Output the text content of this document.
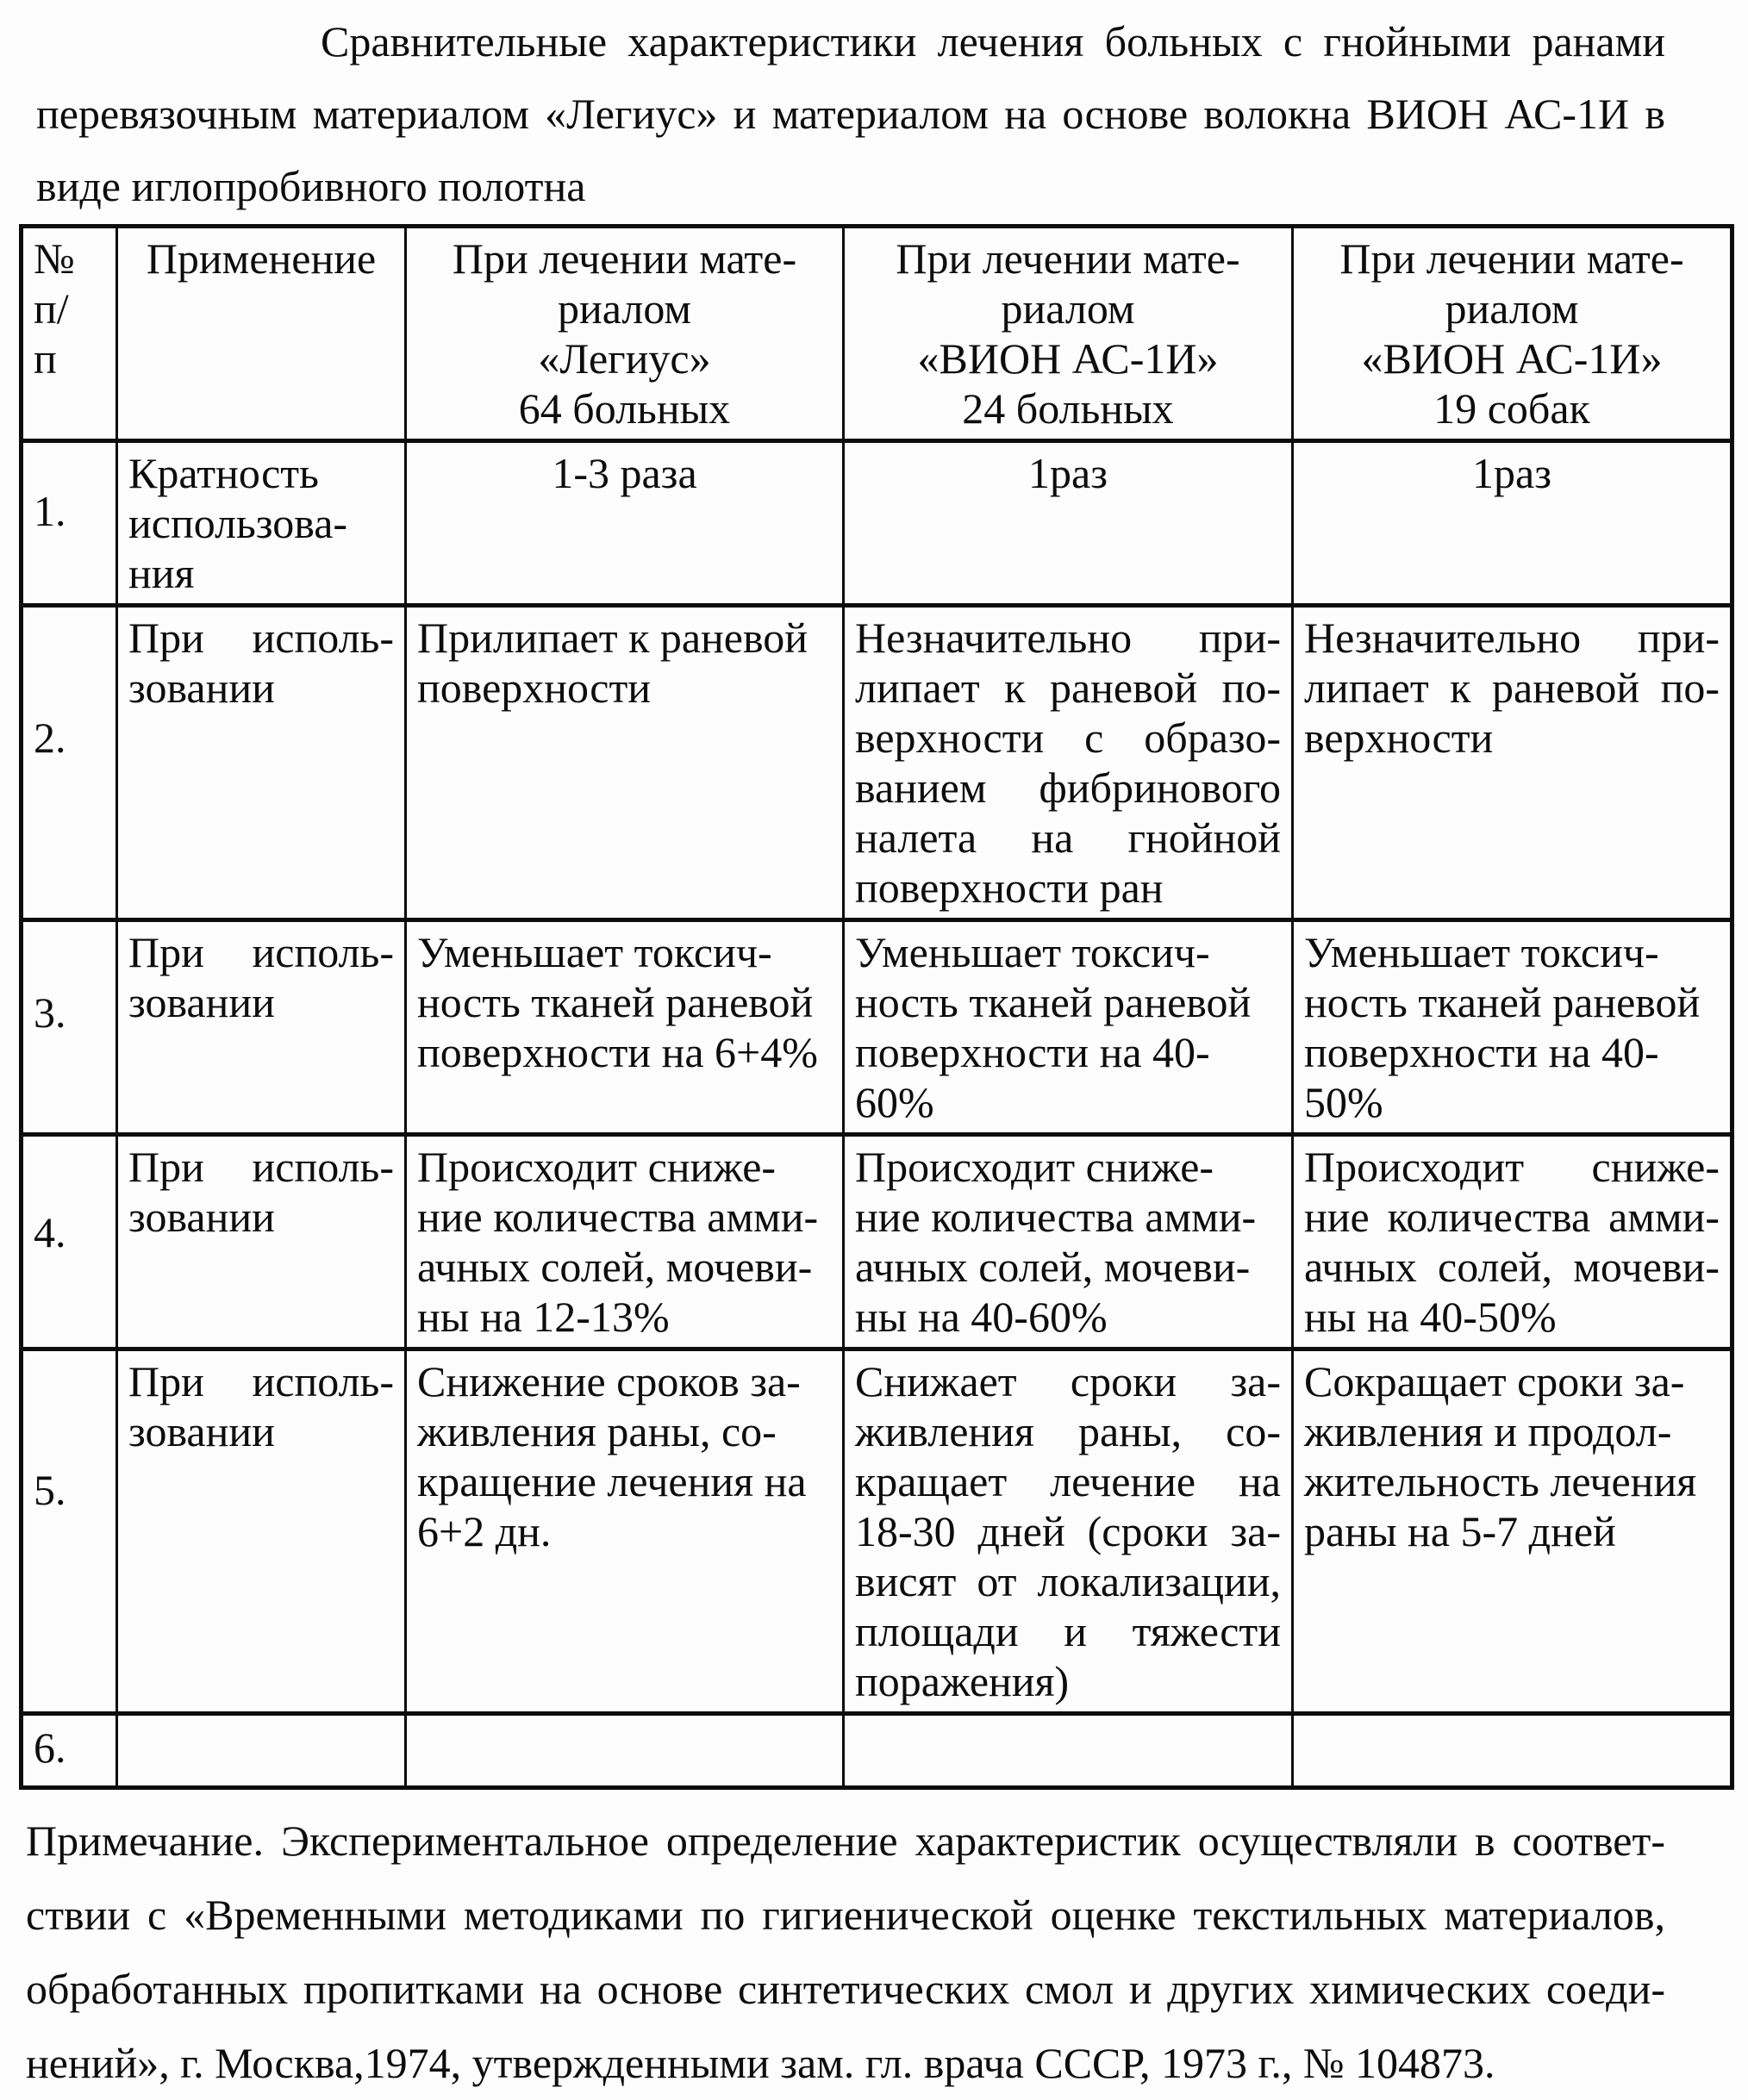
Сравнительные характеристики лечения больных с гнойными ранами перевязочным материалом «Легиус» и материалом на основе волокна ВИОН АС-1И в виде иглопробивного полотна
№
п/
п	Применение	При лечении мате-
риалом
«Легиус»
64 больных	При лечении мате-
риалом
«ВИОН АС-1И»
24 больных	При лечении мате-
риалом
«ВИОН АС-1И»
19 собак

1.	Кратность
использова-
ния	1-3 раза	1раз	1раз

2.	При исполь- зовании	Прилипает к раневой
поверхности	Незначительно при- липает к раневой по- верхности с образо- ванием фибринового налета на гнойной поверхности ран	Незначительно при- липает к раневой по- верхности

3.	При исполь- зовании	Уменьшает токсич-
ность тканей раневой
поверхности на 6+4%	Уменьшает токсич-
ность тканей раневой
поверхности на 40-
60%	Уменьшает токсич-
ность тканей раневой
поверхности на 40-
50%

4.	При исполь- зовании	Происходит сниже-
ние количества амми-
ачных солей, мочеви-
ны на 12-13%	Происходит сниже-
ние количества амми-
ачных солей, мочеви-
ны на 40-60%	Происходит сниже- ние количества амми- ачных солей, мочеви- ны на 40-50%

5.	При исполь- зовании	Снижение сроков за-
живления раны, со-
кращение лечения на
6+2 дн.	Снижает сроки за- живления раны, со- кращает лечение на 18-30 дней (сроки за- висят от локализации, площади и тяжести поражения)	Сокращает сроки за-
живления и продол-
жительность лечения
раны на 5-7 дней

6.				

Примечание. Экспериментальное определение характеристик осуществляли в соответ- ствии с «Временными методиками по гигиенической оценке текстильных материалов, обработанных пропитками на основе синтетических смол и других химических соеди- нений», г. Москва,1974, утвержденными зам. гл. врача СССР, 1973 г., № 104873.
